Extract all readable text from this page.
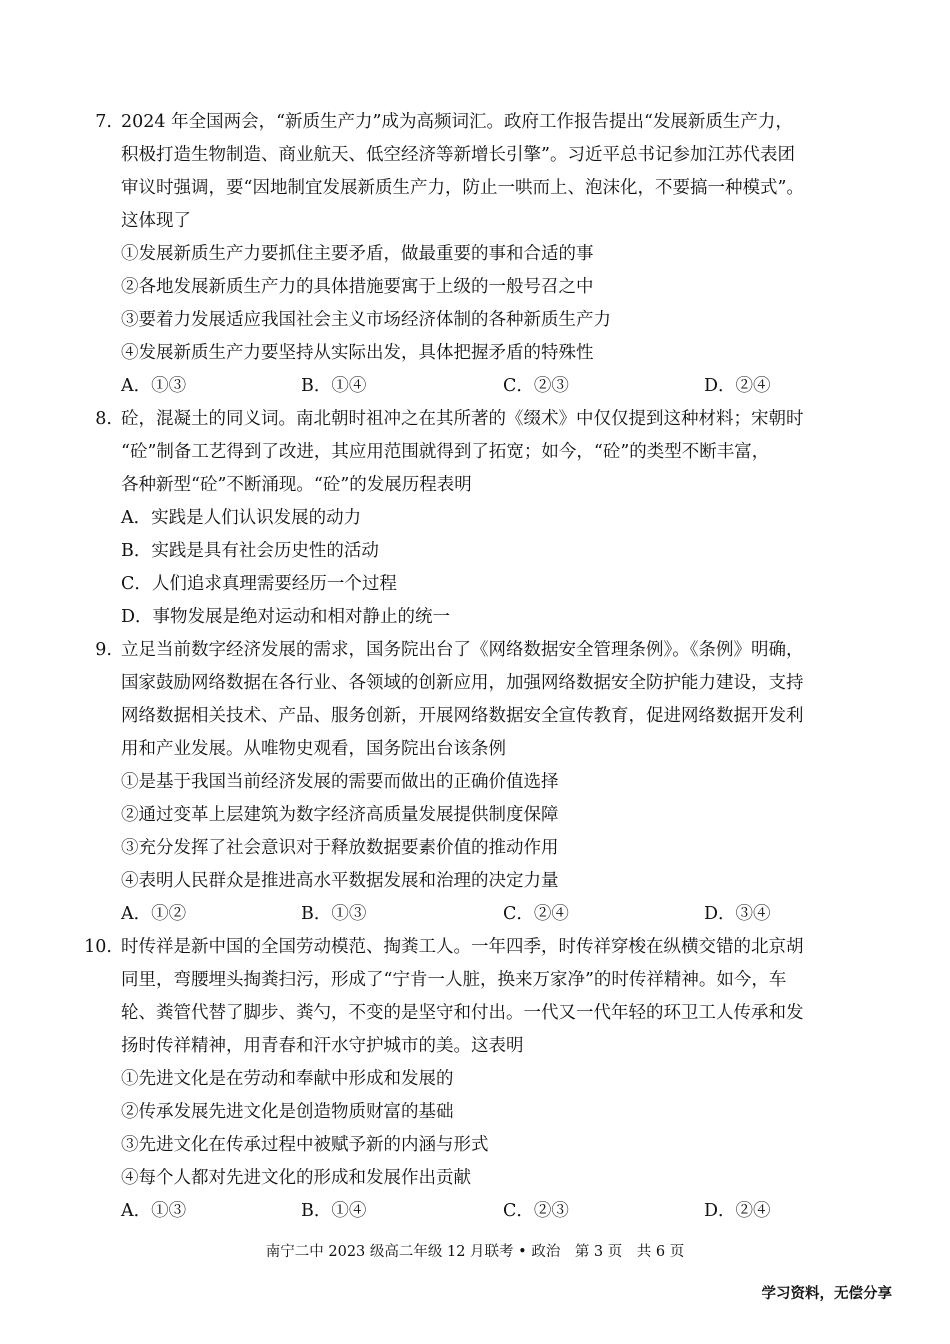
7. 2024 年全国两会，“新质生产力”成为高频词汇。政府工作报告提出“发展新质生产力，
积极打造生物制造、商业航天、低空经济等新增长引擎”。习近平总书记参加江苏代表团
审议时强调，要“因地制宜发展新质生产力，防止一哄而上、泡沫化，不要搞一种模式”。
这体现了
①发展新质生产力要抓住主要矛盾，做最重要的事和合适的事
②各地发展新质生产力的具体措施要寓于上级的一般号召之中
③要着力发展适应我国社会主义市场经济体制的各种新质生产力
④发展新质生产力要坚持从实际出发，具体把握矛盾的特殊性
A．①③	B．①④	C．②③	D．②④
8. 砼，混凝土的同义词。南北朝时祖冲之在其所著的《缀术》中仅仅提到这种材料；宋朝时
“砼”制备工艺得到了改进，其应用范围就得到了拓宽；如今，“砼”的类型不断丰富，
各种新型“砼”不断涌现。“砼”的发展历程表明
A．实践是人们认识发展的动力
B．实践是具有社会历史性的活动
C．人们追求真理需要经历一个过程
D．事物发展是绝对运动和相对静止的统一
9. 立足当前数字经济发展的需求，国务院出台了《网络数据安全管理条例》。《条例》明确，
国家鼓励网络数据在各行业、各领域的创新应用，加强网络数据安全防护能力建设，支持
网络数据相关技术、产品、服务创新，开展网络数据安全宣传教育，促进网络数据开发利
用和产业发展。从唯物史观看，国务院出台该条例
①是基于我国当前经济发展的需要而做出的正确价值选择
②通过变革上层建筑为数字经济高质量发展提供制度保障
③充分发挥了社会意识对于释放数据要素价值的推动作用
④表明人民群众是推进高水平数据发展和治理的决定力量
A．①②	B．①③	C．②④	D．③④
10. 时传祥是新中国的全国劳动模范、掏粪工人。一年四季，时传祥穿梭在纵横交错的北京胡
同里，弯腰埋头掏粪扫污，形成了“宁肯一人脏，换来万家净”的时传祥精神。如今，车
轮、粪管代替了脚步、粪勺，不变的是坚守和付出。一代又一代年轻的环卫工人传承和发
扬时传祥精神，用青春和汗水守护城市的美。这表明
①先进文化是在劳动和奉献中形成和发展的
②传承发展先进文化是创造物质财富的基础
③先进文化在传承过程中被赋予新的内涵与形式
④每个人都对先进文化的形成和发展作出贡献
A．①③	B．①④	C．②③	D．②④
南宁二中 2023 级高二年级 12 月联考 • 政治　第 3 页　共 6 页
学习资料，无偿分享
